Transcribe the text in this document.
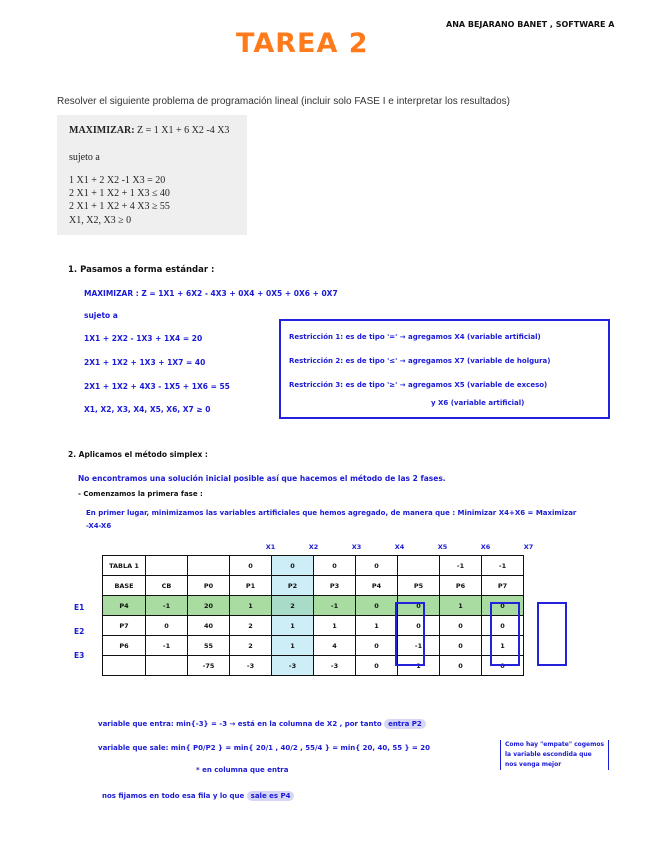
TAREA 2
ANA BEJARANO BANET , SOFTWARE A
Resolver el siguiente problema de programación lineal (incluir solo FASE I e interpretar los resultados)
MAXIMIZAR: Z = 1 X1 + 6 X2 -4 X3
sujeto a
1 X1 + 2 X2 -1 X3 = 20
2 X1 + 1 X2 + 1 X3 ≤ 40
2 X1 + 1 X2 + 4 X3 ≥ 55
X1, X2, X3 ≥ 0
1. Pasamos a forma estándar :
MAXIMIZAR : Z = 1X1 + 6X2 - 4X3 + 0X4 + 0X5 + 0X6 + 0X7
sujeto a
1X1 + 2X2 - 1X3 + 1X4 = 20
2X1 + 1X2 + 1X3 + 1X7 = 40
2X1 + 1X2 + 4X3 - 1X5 + 1X6 = 55
X1, X2, X3, X4, X5, X6, X7 ≥ 0
Restricción 1: es de tipo '=' → agregamos X4 (variable artificial)
Restricción 2: es de tipo '≤' → agregamos X7 (variable de holgura)
Restricción 3: es de tipo '≥' → agregamos X5 (variable de exceso)
y X6 (variable artificial)
2. Aplicamos el método simplex :
No encontramos una solución inicial posible así que hacemos el método de las 2 fases.
- Comenzamos la primera fase :
En primer lugar, minimizamos las variables artificiales que hemos agregado, de manera que : Minimizar X4+X6 = Maximizar
-X4-X6
X1	X2	X3	X4	X5	X6	X7
E1
E2
E3
TABLA 1			0	0	0	0		-1	-1
BASE	CB	P0	P1	P2	P3	P4	P5	P6	P7
P4	-1	20	1	2	-1	0	0	1	0
P7	0	40	2	1	1	1	0	0	0
P6	-1	55	2	1	4	0	-1	0	1
		-75	-3	-3	-3	0	1	0	0
variable que entra: min{-3} = -3 → está en la columna de X2 , por tanto entra P2
variable que sale: min{ P0/P2 } = min{ 20/1 , 40/2 , 55/4 } = min{ 20, 40, 55 } = 20
* en columna que entra
Como hay "empate" cogemos
la variable escondida que
nos venga mejor
nos fijamos en todo esa fila y lo que sale es P4
